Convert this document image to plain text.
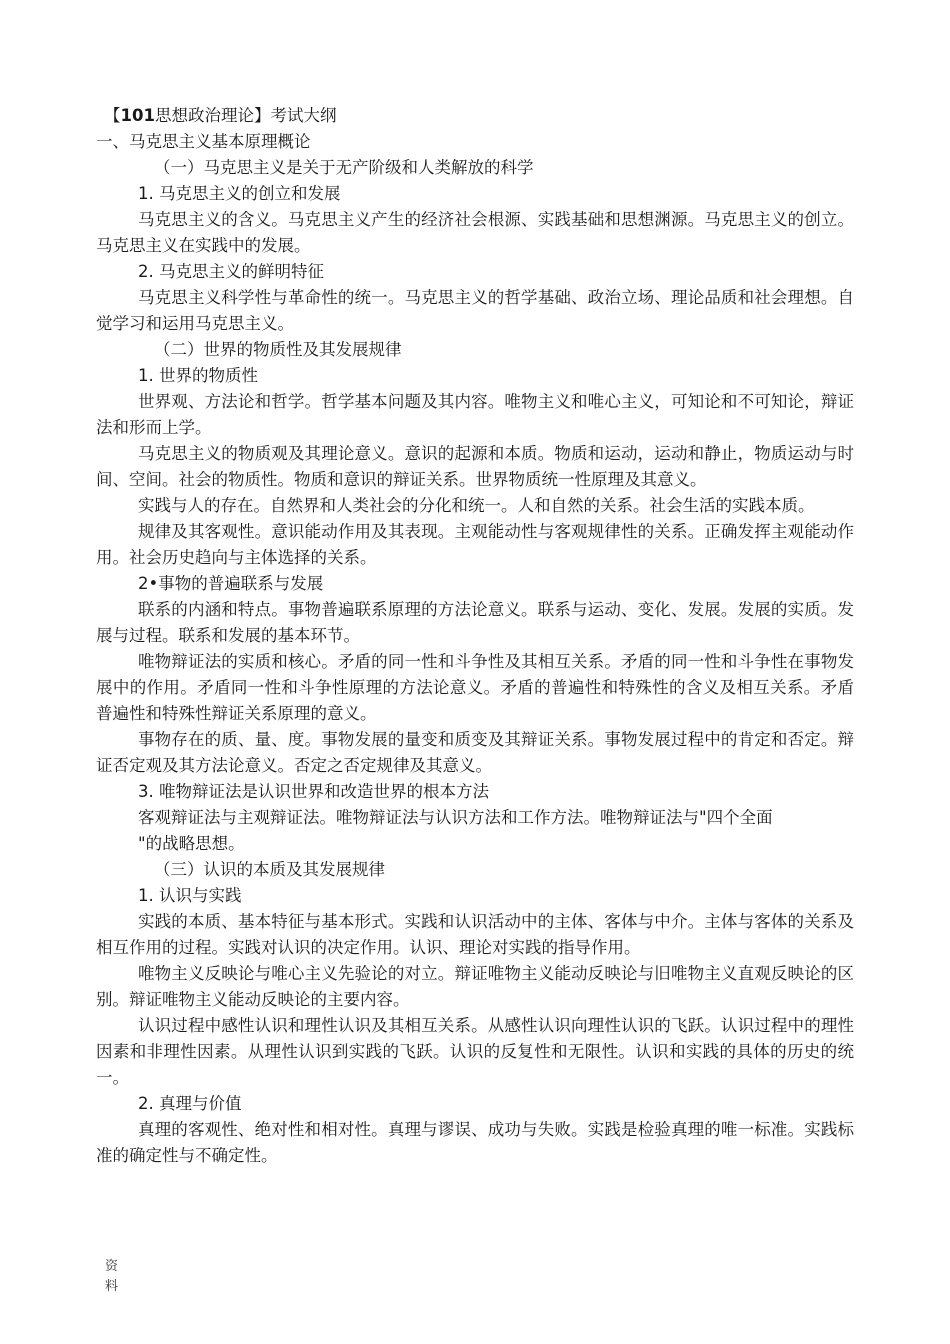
【101思想政治理论】考试大纲

一、马克思主义基本原理概论

（一）马克思主义是关于无产阶级和人类解放的科学

1. 马克思主义的创立和发展

马克思主义的含义。马克思主义产生的经济社会根源、实践基础和思想渊源。马克思主义的创立。马克思主义在实践中的发展。

2. 马克思主义的鲜明特征

马克思主义科学性与革命性的统一。马克思主义的哲学基础、政治立场、理论品质和社会理想。自觉学习和运用马克思主义。

（二）世界的物质性及其发展规律

1. 世界的物质性

世界观、方法论和哲学。哲学基本问题及其内容。唯物主义和唯心主义，可知论和不可知论，辩证法和形而上学。

马克思主义的物质观及其理论意义。意识的起源和本质。物质和运动，运动和静止，物质运动与时间、空间。社会的物质性。物质和意识的辩证关系。世界物质统一性原理及其意义。

实践与人的存在。自然界和人类社会的分化和统一。人和自然的关系。社会生活的实践本质。

规律及其客观性。意识能动作用及其表现。主观能动性与客观规律性的关系。正确发挥主观能动作用。社会历史趋向与主体选择的关系。

2•事物的普遍联系与发展

联系的内涵和特点。事物普遍联系原理的方法论意义。联系与运动、变化、发展。发展的实质。发展与过程。联系和发展的基本环节。

唯物辩证法的实质和核心。矛盾的同一性和斗争性及其相互关系。矛盾的同一性和斗争性在事物发展中的作用。矛盾同一性和斗争性原理的方法论意义。矛盾的普遍性和特殊性的含义及相互关系。矛盾普遍性和特殊性辩证关系原理的意义。

事物存在的质、量、度。事物发展的量变和质变及其辩证关系。事物发展过程中的肯定和否定。辩证否定观及其方法论意义。否定之否定规律及其意义。

3. 唯物辩证法是认识世界和改造世界的根本方法

客观辩证法与主观辩证法。唯物辩证法与认识方法和工作方法。唯物辩证法与"四个全面

"的战略思想。

（三）认识的本质及其发展规律

1. 认识与实践

实践的本质、基本特征与基本形式。实践和认识活动中的主体、客体与中介。主体与客体的关系及相互作用的过程。实践对认识的决定作用。认识、理论对实践的指导作用。

唯物主义反映论与唯心主义先验论的对立。辩证唯物主义能动反映论与旧唯物主义直观反映论的区别。辩证唯物主义能动反映论的主要内容。

认识过程中感性认识和理性认识及其相互关系。从感性认识向理性认识的飞跃。认识过程中的理性因素和非理性因素。从理性认识到实践的飞跃。认识的反复性和无限性。认识和实践的具体的历史的统一。

2. 真理与价值

真理的客观性、绝对性和相对性。真理与谬误、成功与失败。实践是检验真理的唯一标准。实践标准的确定性与不确定性。

资
料
